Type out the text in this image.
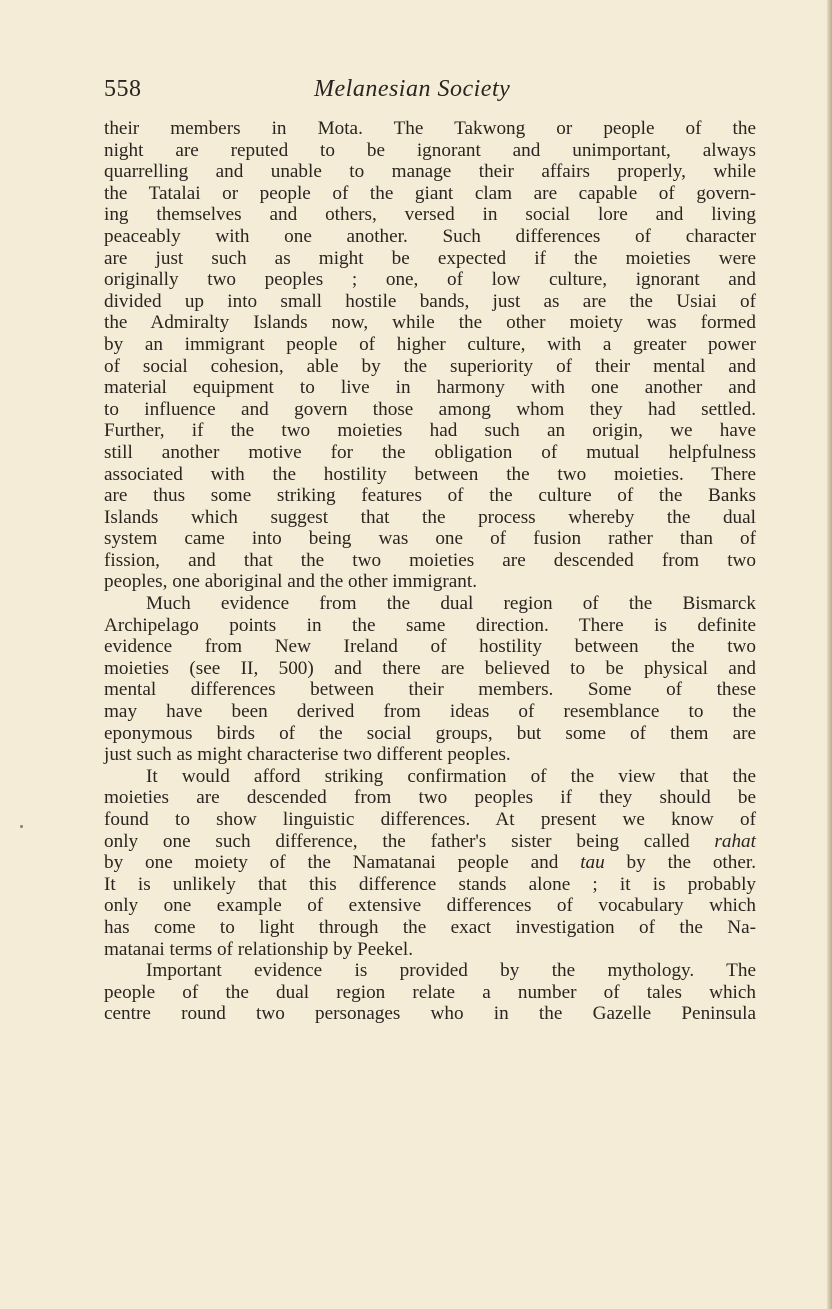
558	Melanesian Society

their members in Mota. The Takwong or people of the

night are reputed to be ignorant and unimportant, always

quarrelling and unable to manage their affairs properly, while

the Tatalai or people of the giant clam are capable of govern-

ing themselves and others, versed in social lore and living

peaceably with one another. Such differences of character

are just such as might be expected if the moieties were

originally two peoples ; one, of low culture, ignorant and

divided up into small hostile bands, just as are the Usiai of

the Admiralty Islands now, while the other moiety was formed

by an immigrant people of higher culture, with a greater power

of social cohesion, able by the superiority of their mental and

material equipment to live in harmony with one another and

to influence and govern those among whom they had settled.

Further, if the two moieties had such an origin, we have

still another motive for the obligation of mutual helpfulness

associated with the hostility between the two moieties. There

are thus some striking features of the culture of the Banks

Islands which suggest that the process whereby the dual

system came into being was one of fusion rather than of

fission, and that the two moieties are descended from two

peoples, one aboriginal and the other immigrant.

Much evidence from the dual region of the Bismarck

Archipelago points in the same direction. There is definite

evidence from New Ireland of hostility between the two

moieties (see II, 500) and there are believed to be physical and

mental differences between their members. Some of these

may have been derived from ideas of resemblance to the

eponymous birds of the social groups, but some of them are

just such as might characterise two different peoples.

It would afford striking confirmation of the view that the

moieties are descended from two peoples if they should be

found to show linguistic differences. At present we know of

only one such difference, the father's sister being called rahat

by one moiety of the Namatanai people and tau by the other.

It is unlikely that this difference stands alone ; it is probably

only one example of extensive differences of vocabulary which

has come to light through the exact investigation of the Na-

matanai terms of relationship by Peekel.

Important evidence is provided by the mythology. The

people of the dual region relate a number of tales which

centre round two personages who in the Gazelle Peninsula
